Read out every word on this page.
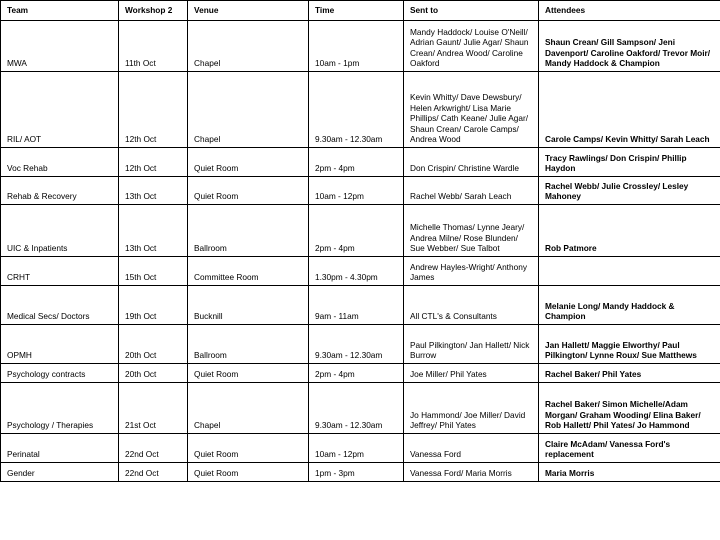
Team	Workshop 2	Venue	Time	Sent to	Attendees
MWA	11th Oct	Chapel	10am - 1pm	Mandy Haddock/ Louise O'Neill/ Adrian Gaunt/ Julie Agar/ Shaun Crean/ Andrea Wood/ Caroline Oakford	Shaun Crean/ Gill Sampson/ Jeni Davenport/ Caroline Oakford/ Trevor Moir/ Mandy Haddock & Champion
RIL/ AOT	12th Oct	Chapel	9.30am - 12.30am	Kevin Whitty/ Dave Dewsbury/ Helen Arkwright/ Lisa Marie Phillips/ Cath Keane/ Julie Agar/ Shaun Crean/ Carole Camps/ Andrea Wood	Carole Camps/ Kevin Whitty/ Sarah Leach
Voc Rehab	12th Oct	Quiet Room	2pm - 4pm	Don Crispin/ Christine Wardle	Tracy Rawlings/ Don Crispin/ Phillip Haydon
Rehab & Recovery	13th Oct	Quiet Room	10am - 12pm	Rachel Webb/ Sarah Leach	Rachel Webb/ Julie Crossley/ Lesley Mahoney
UIC & Inpatients	13th Oct	Ballroom	2pm - 4pm	Michelle Thomas/ Lynne Jeary/ Andrea Milne/ Rose Blunden/ Sue Webber/ Sue Talbot	Rob Patmore
CRHT	15th Oct	Committee Room	1.30pm - 4.30pm	Andrew Hayles-Wright/ Anthony James	
Medical Secs/ Doctors	19th Oct	Bucknill	9am - 11am	All CTL's & Consultants	Melanie Long/ Mandy Haddock & Champion
OPMH	20th Oct	Ballroom	9.30am - 12.30am	Paul Pilkington/ Jan Hallett/ Nick Burrow	Jan Hallett/ Maggie Elworthy/ Paul Pilkington/ Lynne Roux/ Sue Matthews
Psychology contracts	20th Oct	Quiet Room	2pm - 4pm	Joe Miller/ Phil Yates	Rachel Baker/ Phil Yates
Psychology / Therapies	21st Oct	Chapel	9.30am - 12.30am	Jo Hammond/ Joe Miller/ David Jeffrey/ Phil Yates	Rachel Baker/ Simon Michelle/Adam Morgan/ Graham Wooding/ Elina Baker/ Rob Hallett/ Phil Yates/ Jo Hammond
Perinatal	22nd Oct	Quiet Room	10am - 12pm	Vanessa Ford	Claire McAdam/ Vanessa Ford's replacement
Gender	22nd Oct	Quiet Room	1pm - 3pm	Vanessa Ford/ Maria Morris	Maria Morris
